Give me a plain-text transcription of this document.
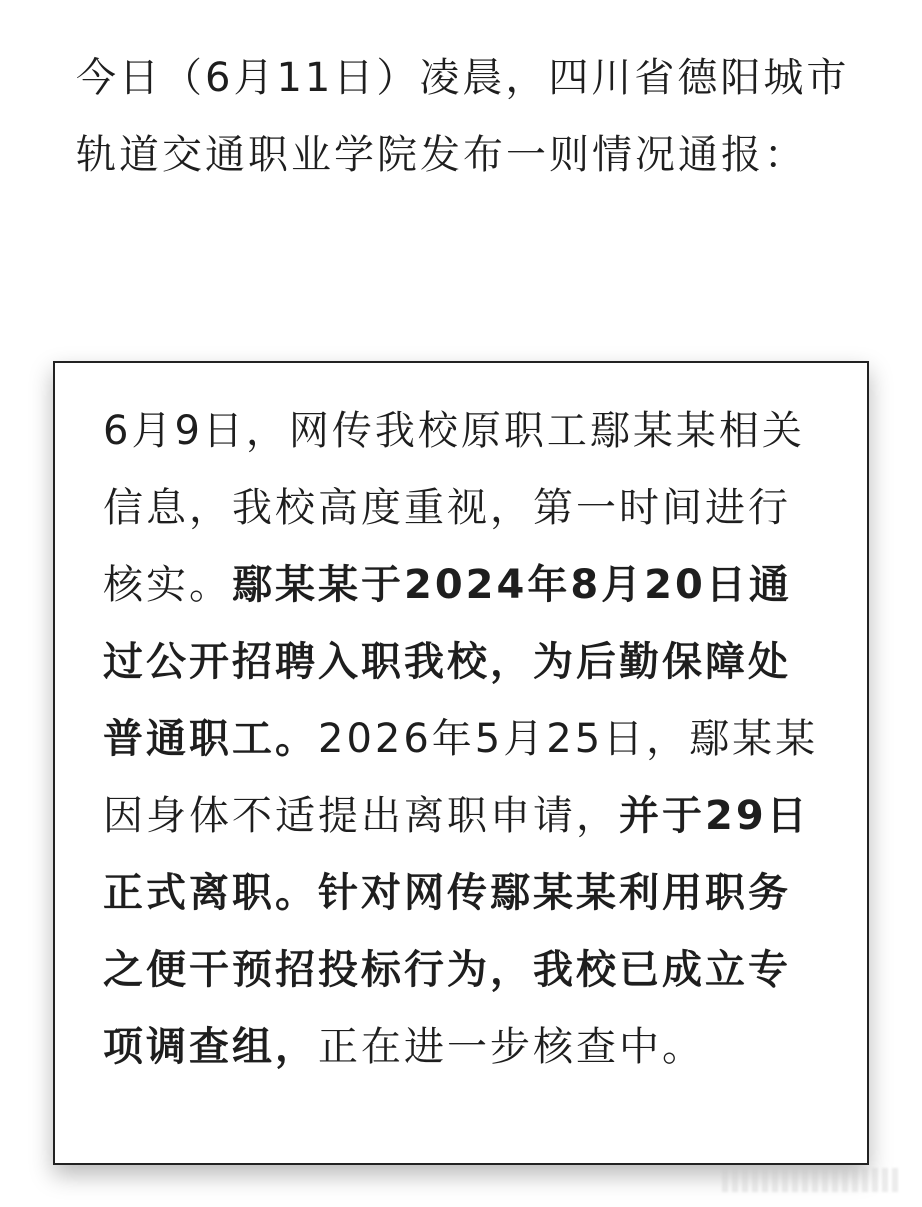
今日（6月11日）凌晨，四川省德阳城市轨道交通职业学院发布一则情况通报：

6月9日，网传我校原职工鄢某某相关信息，我校高度重视，第一时间进行核实。鄢某某于2024年8月20日通过公开招聘入职我校，为后勤保障处普通职工。2026年5月25日，鄢某某因身体不适提出离职申请，并于29日正式离职。针对网传鄢某某利用职务之便干预招投标行为，我校已成立专项调查组，正在进一步核查中。
